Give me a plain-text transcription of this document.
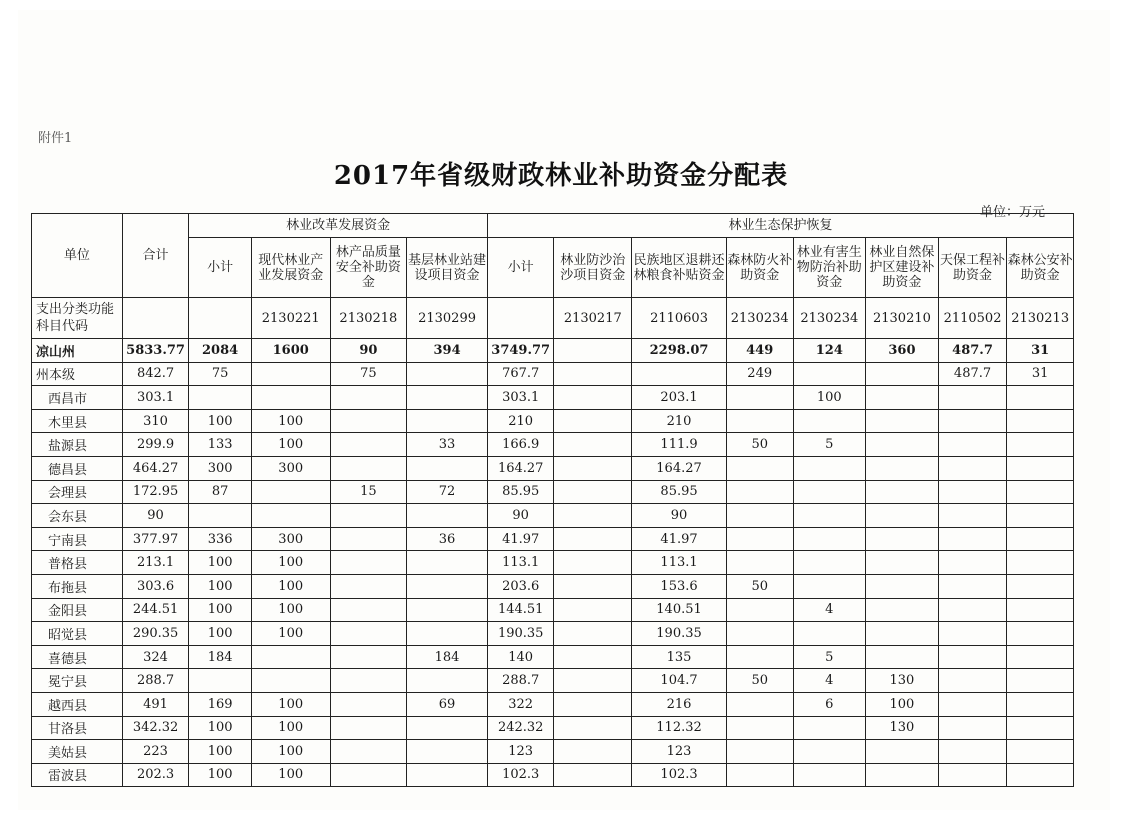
附件1
2017年省级财政林业补助资金分配表
单位：万元
单位	合计	林业改革发展资金				林业生态保护恢复							
		小计	现代林业产业发展资金	林产品质量安全补助资金	基层林业站建设项目资金	小计	林业防沙治沙项目资金	民族地区退耕还林粮食补贴资金	森林防火补助资金	林业有害生物防治补助资金	林业自然保护区建设补助资金	天保工程补助资金	森林公安补助资金
支出分类功能科目代码			2130221	2130218	2130299		2130217	2110603	2130234	2130234	2130210	2110502	2130213
凉山州	5833.77	2084	1600	90	394	3749.77		2298.07	449	124	360	487.7	31
州本级	842.7	75		75		767.7			249			487.7	31
西昌市	303.1					303.1		203.1		100			
木里县	310	100	100			210		210					
盐源县	299.9	133	100		33	166.9		111.9	50	5			
德昌县	464.27	300	300			164.27		164.27					
会理县	172.95	87		15	72	85.95		85.95					
会东县	90					90		90					
宁南县	377.97	336	300		36	41.97		41.97					
普格县	213.1	100	100			113.1		113.1					
布拖县	303.6	100	100			203.6		153.6	50				
金阳县	244.51	100	100			144.51		140.51		4			
昭觉县	290.35	100	100			190.35		190.35					
喜德县	324	184			184	140		135		5			
冕宁县	288.7					288.7		104.7	50	4	130		
越西县	491	169	100		69	322		216		6	100		
甘洛县	342.32	100	100			242.32		112.32			130		
美姑县	223	100	100			123		123					
雷波县	202.3	100	100			102.3		102.3					
